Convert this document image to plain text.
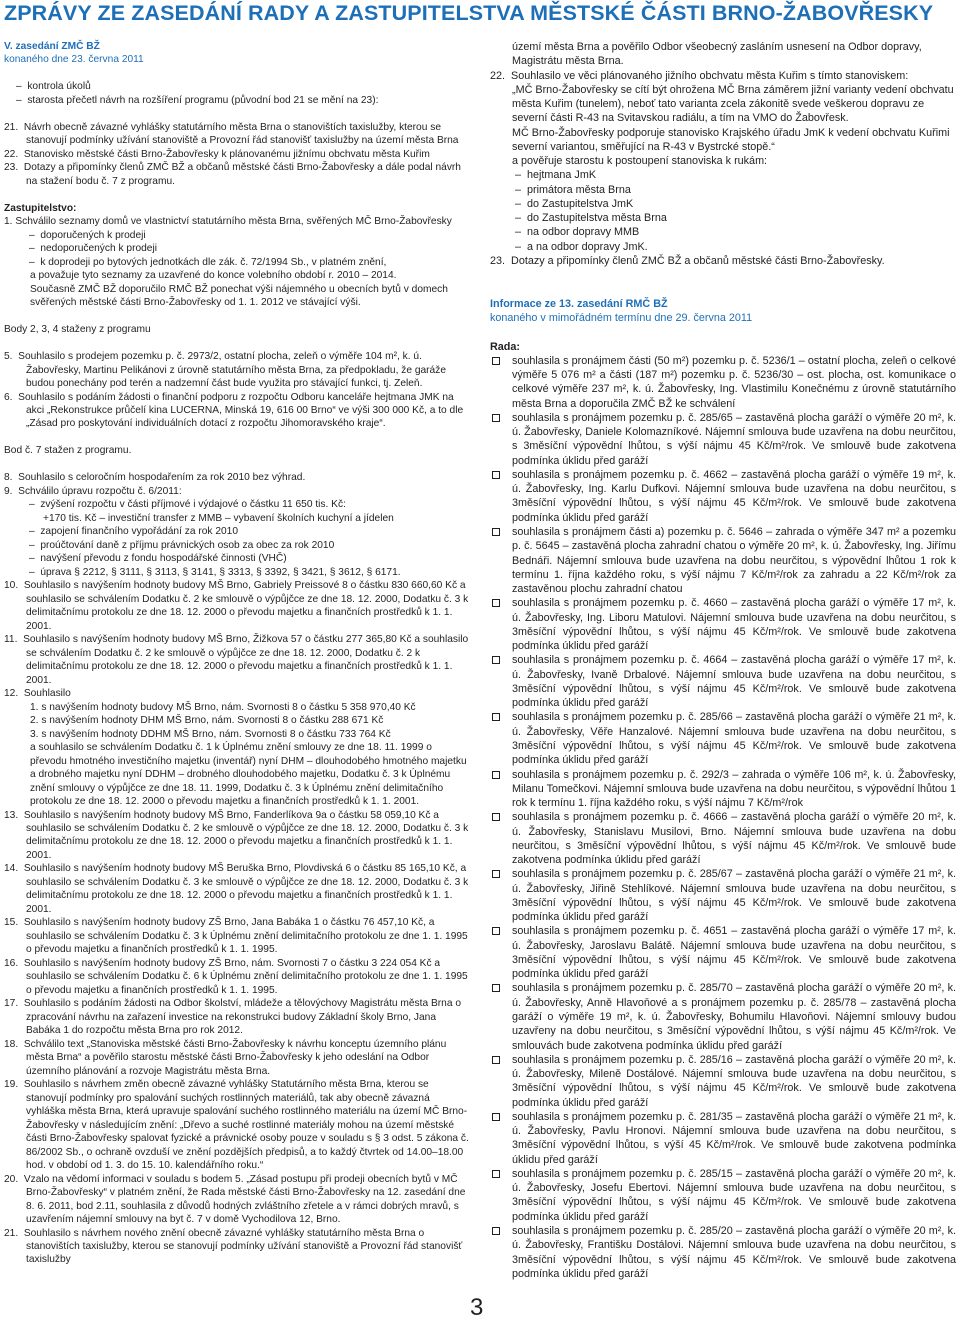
ZPRÁVY ZE ZASEDÁNÍ RADY A ZASTUPITELSTVA MĚSTSKÉ ČÁSTI BRNO-ŽABOVŘESKY

V. zasedání ZMČ BŽ

konaného dne 23. června 2011

–  kontrola úkolů

–  starosta přečetl návrh na rozšíření programu (původní bod 21 se mění na 23):

21. Návrh obecně závazné vyhlášky statutárního města Brna o stanovištích taxislužby, kterou se stanovují podmínky užívání stanoviště a Provozní řád stanovišť taxislužby na území města Brna

22. Stanovisko městské části Brno-Žabovřesky k plánovanému jižnímu obchvatu města Kuřim

23. Dotazy a připomínky členů ZMČ BŽ a občanů městské části Brno-Žabovřesky a dále podal návrh na stažení bodu č. 7 z programu.

Zastupitelstvo:

1. Schválilo seznamy domů ve vlastnictví statutárního města Brna, svěřených MČ Brno-Žabovřesky

–  doporučených k prodeji

–  nedoporučených k prodeji

–  k doprodeji po bytových jednotkách dle zák. č. 72/1994 Sb., v platném znění,

a považuje tyto seznamy za uzavřené do konce volebního období r. 2010 – 2014.

Současně ZMČ BŽ doporučilo RMČ BŽ ponechat výši nájemného u obecních bytů v domech svěřených městské části Brno-Žabovřesky od 1. 1. 2012 ve stávající výši.

Body 2, 3, 4 staženy z programu

5. Souhlasilo s prodejem pozemku p. č. 2973/2, ostatní plocha, zeleň o výměře 104 m², k. ú. Žabovřesky, Martinu Pelikánovi z úrovně statutárního města Brna, za předpokladu, že garáže budou ponechány pod terén a nadzemní část bude využita pro stávající funkci, tj. Zeleň.

6. Souhlasilo s podáním žádosti o finanční podporu z rozpočtu Odboru kanceláře hejtmana JMK na akci „Rekonstrukce průčelí kina LUCERNA, Minská 19, 616 00 Brno“ ve výši 300 000 Kč, a to dle „Zásad pro poskytování individuálních dotací z rozpočtu Jihomoravského kraje“.

Bod č. 7 stažen z programu.

8. Souhlasilo s celoročním hospodařením za rok 2010 bez výhrad.

9. Schválilo úpravu rozpočtu č. 6/2011:

–  zvýšení rozpočtu v části příjmové i výdajové o částku 11 650 tis. Kč:

+170 tis. Kč – investiční transfer z MMB – vybavení školních kuchyní a jídelen

–  zapojení finančního vypořádání za rok 2010

–  proúčtování daně z příjmu právnických osob za obec za rok 2010

–  navýšení převodu z fondu hospodářské činnosti (VHČ)

–  úprava § 2212, § 3111, § 3113, § 3141, § 3313, § 3392, § 3421, § 3612, § 6171.

10. Souhlasilo s navýšením hodnoty budovy MŠ Brno, Gabriely Preissové 8 o částku 830 660,60 Kč a souhlasilo se schválením Dodatku č. 2 ke smlouvě o výpůjčce ze dne 18. 12. 2000, Dodatku č. 3 k delimitačnímu protokolu ze dne 18. 12. 2000 o převodu majetku a finančních prostředků k 1. 1. 2001.

11. Souhlasilo s navýšením hodnoty budovy MŠ Brno, Žižkova 57 o částku 277 365,80 Kč a souhlasilo se schválením Dodatku č. 2 ke smlouvě o výpůjčce ze dne 18. 12. 2000, Dodatku č. 2 k delimitačnímu protokolu ze dne 18. 12. 2000 o převodu majetku a finančních prostředků k 1. 1. 2001.

12. Souhlasilo

1. s navýšením hodnoty budovy MŠ Brno, nám. Svornosti 8 o částku 5 358 970,40 Kč

2. s navýšením hodnoty DHM MŠ Brno, nám. Svornosti 8 o částku 288 671 Kč

3. s navýšením hodnoty DDHM MŠ Brno, nám. Svornosti 8 o částku 733 764 Kč

a souhlasilo se schválením Dodatku č. 1 k Úplnému znění smlouvy ze dne 18. 11. 1999 o převodu hmotného investičního majetku (inventář) nyní DHM – dlouhodobého hmotného majetku a drobného majetku nyní DDHM – drobného dlouhodobého majetku, Dodatku č. 3 k Úplnému znění smlouvy o výpůjčce ze dne 18. 11. 1999, Dodatku č. 3 k Úplnému znění delimitačního protokolu ze dne 18. 12. 2000 o převodu majetku a finančních prostředků k 1. 1. 2001.

13. Souhlasilo s navýšením hodnoty budovy MŠ Brno, Fanderlíkova 9a o částku 58 059,10 Kč a souhlasilo se schválením Dodatku č. 2 ke smlouvě o výpůjčce ze dne 18. 12. 2000, Dodatku č. 3 k delimitačnímu protokolu ze dne 18. 12. 2000 o převodu majetku a finančních prostředků k 1. 1. 2001.

14. Souhlasilo s navýšením hodnoty budovy MŠ Beruška Brno, Plovdivská 6 o částku 85 165,10 Kč, a souhlasilo se schválením Dodatku č. 3 ke smlouvě o výpůjčce ze dne 18. 12. 2000, Dodatku č. 3 k delimitačnímu protokolu ze dne 18. 12. 2000 o převodu majetku a finančních prostředků k 1. 1. 2001.

15. Souhlasilo s navýšením hodnoty budovy ZŠ Brno, Jana Babáka 1 o částku 76 457,10 Kč, a souhlasilo se schválením Dodatku č. 3 k Úplnému znění delimitačního protokolu ze dne 1. 1. 1995 o převodu majetku a finančních prostředků k 1. 1. 1995.

16. Souhlasilo s navýšením hodnoty budovy ZŠ Brno, nám. Svornosti 7 o částku 3 224 054 Kč a souhlasilo se schválením Dodatku č. 6 k Úplnému znění delimitačního protokolu ze dne 1. 1. 1995 o převodu majetku a finančních prostředků k 1. 1. 1995.

17. Souhlasilo s podáním žádosti na Odbor školství, mládeže a tělovýchovy Magistrátu města Brna o zpracování návrhu na zařazení investice na rekonstrukci budovy Základní školy Brno, Jana Babáka 1 do rozpočtu města Brna pro rok 2012.

18. Schválilo text „Stanoviska městské části Brno-Žabovřesky k návrhu konceptu územního plánu města Brna“ a pověřilo starostu městské části Brno-Žabovřesky k jeho odeslání na Odbor územního plánování a rozvoje Magistrátu města Brna.

19. Souhlasilo s návrhem změn obecně závazné vyhlášky Statutárního města Brna, kterou se stanovují podmínky pro spalování suchých rostlinných materiálů, tak aby obecně závazná vyhláška města Brna, která upravuje spalování suchého rostlinného materiálu na území MČ Brno-Žabovřesky v následujícím znění: „Dřevo a suché rostlinné materiály mohou na území městské části Brno-Žabovřesky spalovat fyzické a právnické osoby pouze v souladu s § 3 odst. 5 zákona č. 86/2002 Sb., o ochraně ovzduší ve znění pozdějších předpisů, a to každý čtvrtek od 14.00–18.00 hod. v období od 1. 3. do 15. 10. kalendářního roku.“

20. Vzalo na vědomí informaci v souladu s bodem 5. „Zásad postupu při prodeji obecních bytů v MČ Brno-Žabovřesky“ v platném znění, že Rada městské části Brno-Žabovřesky na 12. zasedání dne 8. 6. 2011, bod 2.11, souhlasila z důvodů hodných zvláštního zřetele a v rámci dobrých mravů, s uzavřením nájemní smlouvy na byt č. 7 v domě Vychodilova 12, Brno.

21. Souhlasilo s návrhem nového znění obecně závazné vyhlášky statutárního města Brna o stanovištích taxislužby, kterou se stanovují podmínky užívání stanoviště a Provozní řád stanovišť taxislužby

území města Brna a pověřilo Odbor všeobecný zasláním usnesení na Odbor dopravy, Magistrátu města Brna.

22. Souhlasilo ve věci plánovaného jižního obchvatu města Kuřim s tímto stanoviskem:

„MČ Brno-Žabovřesky se cítí být ohrožena MČ Brna záměrem jižní varianty vedení obchvatu města Kuřim (tunelem), neboť tato varianta zcela zákonitě svede veškerou dopravu ze severní části R-43 na Svitavskou radiálu, a tím na VMO do Žabovřesk.

MČ Brno-Žabovřesky podporuje stanovisko Krajského úřadu JmK k vedení obchvatu Kuřimi severní variantou, směřující na R-43 v Bystrcké stopě.“

a pověřuje starostu k postoupení stanoviska k rukám:

–  hejtmana JmK

–  primátora města Brna

–  do Zastupitelstva JmK

–  do Zastupitelstva města Brna

–  na odbor dopravy MMB

–  a na odbor dopravy JmK.

23. Dotazy a připomínky členů ZMČ BŽ a občanů městské části Brno-Žabovřesky.

Informace ze 13. zasedání RMČ BŽ

konaného v mimořádném termínu dne 29. června 2011

Rada:

souhlasila s pronájmem části (50 m²) pozemku p. č. 5236/1 – ostatní plocha, zeleň o celkové výměře 5 076 m² a části (187 m²) pozemku p. č. 5236/30 – ost. plocha, ost. komunikace o celkové výměře 237 m², k. ú. Žabovřesky, Ing. Vlastimilu Konečnému z úrovně statutárního města Brna a doporučila ZMČ BŽ ke schválení

souhlasila s pronájmem pozemku p. č. 285/65 – zastavěná plocha garáží o výměře 20 m², k. ú. Žabovřesky, Daniele Kolomazníkové. Nájemní smlouva bude uzavřena na dobu neurčitou, s 3měsíční výpovědní lhůtou, s výší nájmu 45 Kč/m²/rok. Ve smlouvě bude zakotvena podmínka úklidu před garáží

souhlasila s pronájmem pozemku p. č. 4662 – zastavěná plocha garáží o výměře 19 m², k. ú. Žabovřesky, Ing. Karlu Dufkovi. Nájemní smlouva bude uzavřena na dobu neurčitou, s 3měsíční výpovědní lhůtou, s výší nájmu 45 Kč/m²/rok. Ve smlouvě bude zakotvena podmínka úklidu před garáží

souhlasila s pronájmem části a) pozemku p. č. 5646 – zahrada o výměře 347 m² a pozemku p. č. 5645 – zastavěná plocha zahradní chatou o výměře 20 m², k. ú. Žabovřesky, Ing. Jiřímu Bednáři. Nájemní smlouva bude uzavřena na dobu neurčitou, s výpovědní lhůtou 1 rok k termínu 1. října každého roku, s výší nájmu 7 Kč/m²/rok za zahradu a 22 Kč/m²/rok za zastavěnou plochu zahradní chatou

souhlasila s pronájmem pozemku p. č. 4660 – zastavěná plocha garáží o výměře 17 m², k. ú. Žabovřesky, Ing. Liboru Matulovi. Nájemní smlouva bude uzavřena na dobu neurčitou, s 3měsíční výpovědní lhůtou, s výší nájmu 45 Kč/m²/rok. Ve smlouvě bude zakotvena podmínka úklidu před garáží

souhlasila s pronájmem pozemku p. č. 4664 – zastavěná plocha garáží o výměře 17 m², k. ú. Žabovřesky, Ivaně Drbalové. Nájemní smlouva bude uzavřena na dobu neurčitou, s 3měsíční výpovědní lhůtou, s výší nájmu 45 Kč/m²/rok. Ve smlouvě bude zakotvena podmínka úklidu před garáží

souhlasila s pronájmem pozemku p. č. 285/66 – zastavěná plocha garáží o výměře 21 m², k. ú. Žabovřesky, Věře Hanzalové. Nájemní smlouva bude uzavřena na dobu neurčitou, s 3měsíční výpovědní lhůtou, s výší nájmu 45 Kč/m²/rok. Ve smlouvě bude zakotvena podmínka úklidu před garáží

souhlasila s pronájmem pozemku p. č. 292/3 – zahrada o výměře 106 m², k. ú. Žabovřesky, Milanu Tomečkovi. Nájemní smlouva bude uzavřena na dobu neurčitou, s výpovědní lhůtou 1 rok k termínu 1. října každého roku, s výší nájmu 7 Kč/m²/rok

souhlasila s pronájmem pozemku p. č. 4666 – zastavěná plocha garáží o výměře 20 m², k. ú. Žabovřesky, Stanislavu Musilovi, Brno. Nájemní smlouva bude uzavřena na dobu neurčitou, s 3měsíční výpovědní lhůtou, s výší nájmu 45 Kč/m²/rok. Ve smlouvě bude zakotvena podmínka úklidu před garáží

souhlasila s pronájmem pozemku p. č. 285/67 – zastavěná plocha garáží o výměře 21 m², k. ú. Žabovřesky, Jiřině Stehlíkové. Nájemní smlouva bude uzavřena na dobu neurčitou, s 3měsíční výpovědní lhůtou, s výší nájmu 45 Kč/m²/rok. Ve smlouvě bude zakotvena podmínka úklidu před garáží

souhlasila s pronájmem pozemku p. č. 4651 – zastavěná plocha garáží o výměře 17 m², k. ú. Žabovřesky, Jaroslavu Balátě. Nájemní smlouva bude uzavřena na dobu neurčitou, s 3měsíční výpovědní lhůtou, s výší nájmu 45 Kč/m²/rok. Ve smlouvě bude zakotvena podmínka úklidu před garáží

souhlasila s pronájmem pozemku p. č. 285/70 – zastavěná plocha garáží o výměře 20 m², k. ú. Žabovřesky, Anně Hlavoňové a s pronájmem pozemku p. č. 285/78 – zastavěná plocha garáží o výměře 19 m², k. ú. Žabovřesky, Bohumilu Hlavoňovi. Nájemní smlouvy budou uzavřeny na dobu neurčitou, s 3měsíční výpovědní lhůtou, s výší nájmu 45 Kč/m²/rok. Ve smlouvách bude zakotvena podmínka úklidu před garáží

souhlasila s pronájmem pozemku p. č. 285/16 – zastavěná plocha garáží o výměře 20 m², k. ú. Žabovřesky, Mileně Dostálové. Nájemní smlouva bude uzavřena na dobu neurčitou, s 3měsíční výpovědní lhůtou, s výší nájmu 45 Kč/m²/rok. Ve smlouvě bude zakotvena podmínka úklidu před garáží

souhlasila s pronájmem pozemku p. č. 281/35 – zastavěná plocha garáží o výměře 21 m², k. ú. Žabovřesky, Pavlu Hronovi. Nájemní smlouva bude uzavřena na dobu neurčitou, s 3měsíční výpovědní lhůtou, s výší 45 Kč/m²/rok. Ve smlouvě bude zakotvena podmínka úklidu před garáží

souhlasila s pronájmem pozemku p. č. 285/15 – zastavěná plocha garáží o výměře 20 m², k. ú. Žabovřesky, Josefu Ebertovi. Nájemní smlouva bude uzavřena na dobu neurčitou, s 3měsíční výpovědní lhůtou, s výší nájmu 45 Kč/m²/rok. Ve smlouvě bude zakotvena podmínka úklidu před garáží

souhlasila s pronájmem pozemku p. č. 285/20 – zastavěná plocha garáží o výměře 20 m², k. ú. Žabovřesky, Františku Dostálovi. Nájemní smlouva bude uzavřena na dobu neurčitou, s 3měsíční výpovědní lhůtou, s výší nájmu 45 Kč/m²/rok. Ve smlouvě bude zakotvena podmínka úklidu před garáží

3
